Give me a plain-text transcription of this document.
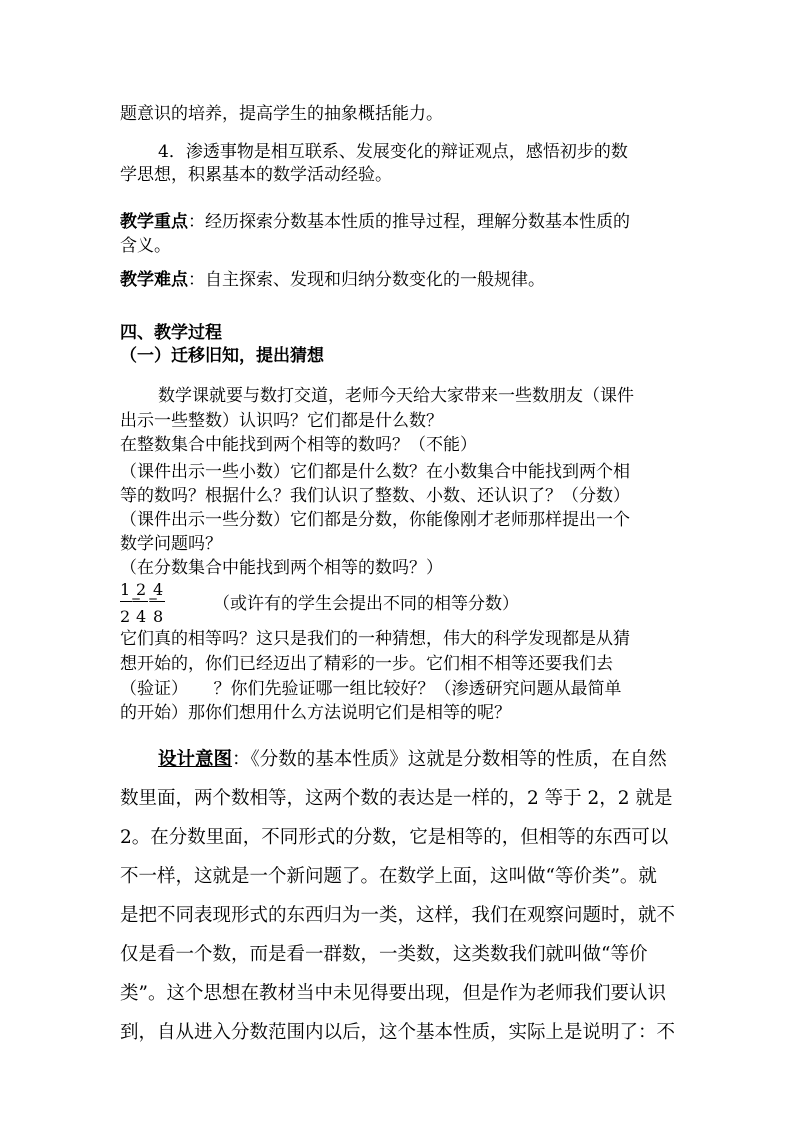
题意识的培养，提高学生的抽象概括能力。
4．渗透事物是相互联系、发展变化的辩证观点，感悟初步的数
学思想，积累基本的数学活动经验。
教学重点：经历探索分数基本性质的推导过程，理解分数基本性质的
含义。
教学难点：自主探索、发现和归纳分数变化的一般规律。
四、教学过程
（一）迁移旧知，提出猜想
数学课就要与数打交道，老师今天给大家带来一些数朋友（课件
出示一些整数）认识吗？它们都是什么数？
在整数集合中能找到两个相等的数吗？（不能）
（课件出示一些小数）它们都是什么数？在小数集合中能找到两个相
等的数吗？根据什么？我们认识了整数、小数、还认识了？（分数）
（课件出示一些分数）它们都是分数，你能像刚才老师那样提出一个
数学问题吗？
（在分数集合中能找到两个相等的数吗？）
1 2 4
= =
2 4 8
（或许有的学生会提出不同的相等分数）
它们真的相等吗？这只是我们的一种猜想，伟大的科学发现都是从猜
想开始的，你们已经迈出了精彩的一步。它们相不相等还要我们去
（验证）　　？你们先验证哪一组比较好？（渗透研究问题从最简单
的开始）那你们想用什么方法说明它们是相等的呢？
设计意图：《分数的基本性质》这就是分数相等的性质，在自然
数里面，两个数相等，这两个数的表达是一样的，2 等于 2，2 就是
2。在分数里面，不同形式的分数，它是相等的，但相等的东西可以
不一样，这就是一个新问题了。在数学上面，这叫做“等价类”。就
是把不同表现形式的东西归为一类，这样，我们在观察问题时，就不
仅是看一个数，而是看一群数，一类数，这类数我们就叫做“等价
类”。这个思想在教材当中未见得要出现，但是作为老师我们要认识
到，自从进入分数范围内以后，这个基本性质，实际上是说明了：不
